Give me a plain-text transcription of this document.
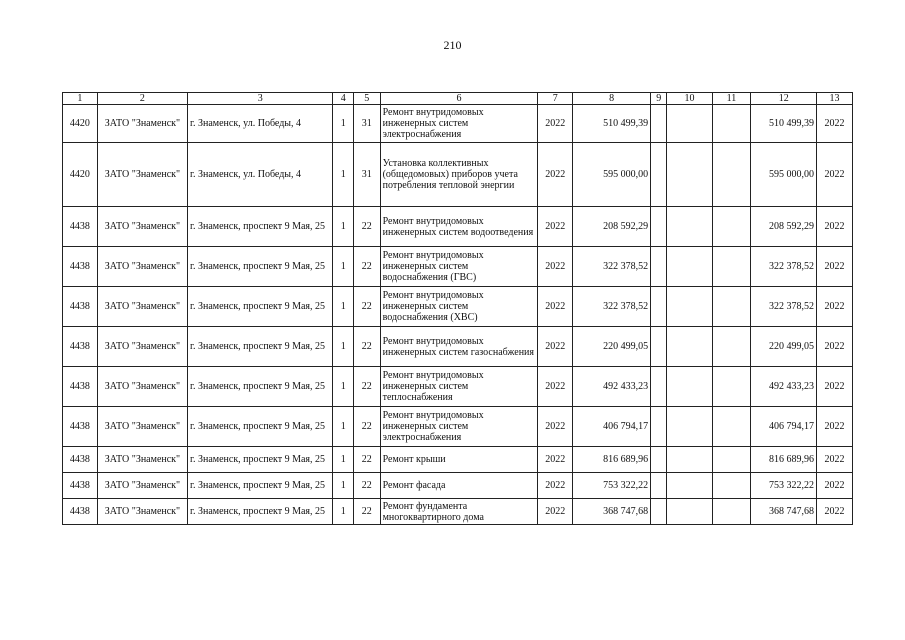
210
1	2	3	4	5	6	7	8	9	10	11	12	13
4420	ЗАТО "Знаменск"	г. Знаменск, ул. Победы, 4	1	31	Ремонт внутридомовых инженерных систем электроснабжения	2022	510 499,39				510 499,39	2022
4420	ЗАТО "Знаменск"	г. Знаменск, ул. Победы, 4	1	31	Установка коллективных (общедомовых) приборов учета потребления тепловой энергии	2022	595 000,00				595 000,00	2022
4438	ЗАТО "Знаменск"	г. Знаменск, проспект 9 Мая, 25	1	22	Ремонт внутридомовых инженерных систем водоотведения	2022	208 592,29				208 592,29	2022
4438	ЗАТО "Знаменск"	г. Знаменск, проспект 9 Мая, 25	1	22	Ремонт внутридомовых инженерных систем водоснабжения (ГВС)	2022	322 378,52				322 378,52	2022
4438	ЗАТО "Знаменск"	г. Знаменск, проспект 9 Мая, 25	1	22	Ремонт внутридомовых инженерных систем водоснабжения (ХВС)	2022	322 378,52				322 378,52	2022
4438	ЗАТО "Знаменск"	г. Знаменск, проспект 9 Мая, 25	1	22	Ремонт внутридомовых инженерных систем газоснабжения	2022	220 499,05				220 499,05	2022
4438	ЗАТО "Знаменск"	г. Знаменск, проспект 9 Мая, 25	1	22	Ремонт внутридомовых инженерных систем теплоснабжения	2022	492 433,23				492 433,23	2022
4438	ЗАТО "Знаменск"	г. Знаменск, проспект 9 Мая, 25	1	22	Ремонт внутридомовых инженерных систем электроснабжения	2022	406 794,17				406 794,17	2022
4438	ЗАТО "Знаменск"	г. Знаменск, проспект 9 Мая, 25	1	22	Ремонт крыши	2022	816 689,96				816 689,96	2022
4438	ЗАТО "Знаменск"	г. Знаменск, проспект 9 Мая, 25	1	22	Ремонт фасада	2022	753 322,22				753 322,22	2022
4438	ЗАТО "Знаменск"	г. Знаменск, проспект 9 Мая, 25	1	22	Ремонт фундамента многоквартирного дома	2022	368 747,68				368 747,68	2022
